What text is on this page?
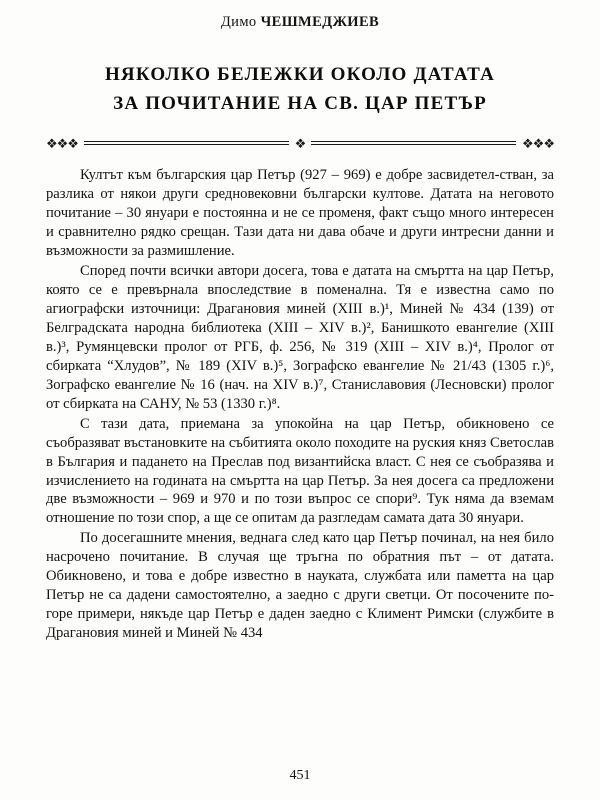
Димо ЧЕШМЕДЖИЕВ
НЯКОЛКО БЕЛЕЖКИ ОКОЛО ДАТАТА
ЗА ПОЧИТАНИЕ НА СВ. ЦАР ПЕТЪР
❖❖❖	❖	❖❖❖

Култът към българския цар Петър (927 – 969) е добре засвидетел-стван, за разлика от някои други средновековни български култове. Датата на неговото почитание – 30 януари е постоянна и не се променя, факт също много интересен и сравнително рядко срещан. Тази дата ни дава обаче и други интресни данни и възможности за размишление.

Според почти всички автори досега, това е датата на смъртта на цар Петър, която се е превърнала впоследствие в поменална. Тя е известна само по агиографски източници: Драгановия миней (XIII в.)¹, Миней № 434 (139) от Белградската народна библиотека (XIII – XIV в.)², Банишкото евангелие (XIII в.)³, Румянцевски пролог от РГБ, ф. 256, № 319 (XIII – XIV в.)⁴, Пролог от сбирката “Хлудов”, № 189 (XIV в.)⁵, Зографско евангелие № 21/43 (1305 г.)⁶, Зографско евангелие № 16 (нач. на XIV в.)⁷, Станиславовия (Лесновски) пролог от сбирката на САНУ, № 53 (1330 г.)⁸.

С тази дата, приемана за упокойна на цар Петър, обикновено се съобразяват въстановките на събитията около походите на руския княз Светослав в България и падането на Преслав под византийска власт. С нея се съобразява и изчислението на годината на смъртта на цар Петър. За нея досега са предложени две възможности – 969 и 970 и по този въпрос се спори⁹. Тук няма да вземам отношение по този спор, а ще се опитам да разгледам самата дата 30 януари.

По досегашните мнения, веднага след като цар Петър починал, на нея било насрочено почитание. В случая ще тръгна по обратния път – от датата. Обикновено, и това е добре известно в науката, службата или паметта на цар Петър не са дадени самостоятелно, а заедно с други светци. От посочените по-горе примери, някъде цар Петър е даден заедно с Климент Римски (службите в Драгановия миней и Миней № 434

451
